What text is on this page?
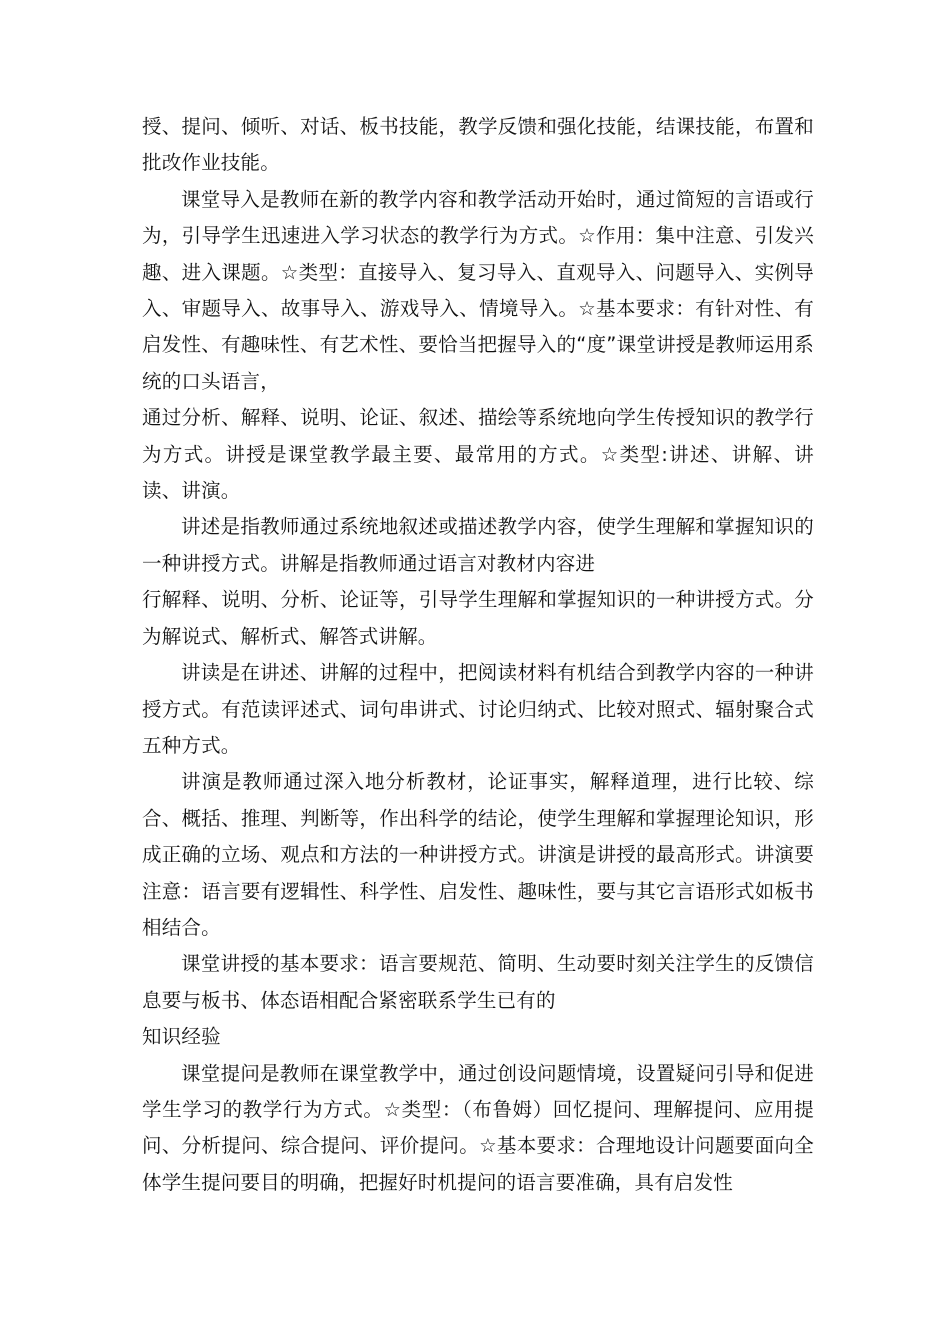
授、提问、倾听、对话、板书技能，教学反馈和强化技能，结课技能，布置和批改作业技能。

课堂导入是教师在新的教学内容和教学活动开始时，通过简短的言语或行为，引导学生迅速进入学习状态的教学行为方式。☆作用：集中注意、引发兴趣、进入课题。☆类型：直接导入、复习导入、直观导入、问题导入、实例导入、审题导入、故事导入、游戏导入、情境导入。☆基本要求：有针对性、有启发性、有趣味性、有艺术性、要恰当把握导入的“度”课堂讲授是教师运用系统的口头语言，

通过分析、解释、说明、论证、叙述、描绘等系统地向学生传授知识的教学行为方式。讲授是课堂教学最主要、最常用的方式。☆类型:讲述、讲解、讲读、讲演。

讲述是指教师通过系统地叙述或描述教学内容，使学生理解和掌握知识的一种讲授方式。讲解是指教师通过语言对教材内容进

行解释、说明、分析、论证等，引导学生理解和掌握知识的一种讲授方式。分为解说式、解析式、解答式讲解。

讲读是在讲述、讲解的过程中，把阅读材料有机结合到教学内容的一种讲授方式。有范读评述式、词句串讲式、讨论归纳式、比较对照式、辐射聚合式五种方式。

讲演是教师通过深入地分析教材，论证事实，解释道理，进行比较、综合、概括、推理、判断等，作出科学的结论，使学生理解和掌握理论知识，形成正确的立场、观点和方法的一种讲授方式。讲演是讲授的最高形式。讲演要注意：语言要有逻辑性、科学性、启发性、趣味性，要与其它言语形式如板书相结合。

课堂讲授的基本要求：语言要规范、简明、生动要时刻关注学生的反馈信息要与板书、体态语相配合紧密联系学生已有的

知识经验

课堂提问是教师在课堂教学中，通过创设问题情境，设置疑问引导和促进学生学习的教学行为方式。☆类型：（布鲁姆）回忆提问、理解提问、应用提问、分析提问、综合提问、评价提问。☆基本要求：合理地设计问题要面向全体学生提问要目的明确，把握好时机提问的语言要准确，具有启发性
